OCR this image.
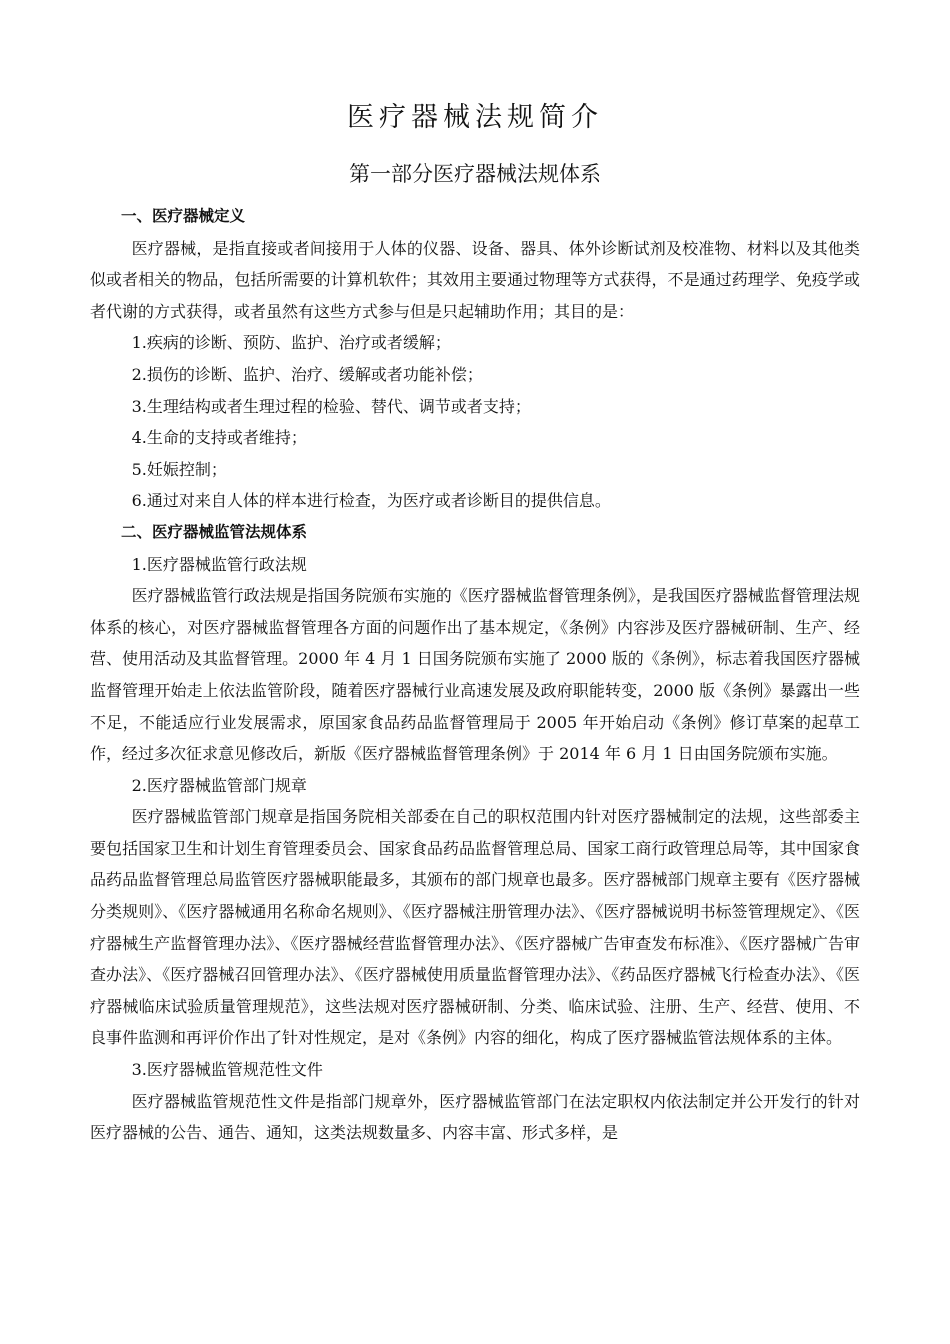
医疗器械法规简介
第一部分医疗器械法规体系

一、医疗器械定义

医疗器械，是指直接或者间接用于人体的仪器、设备、器具、体外诊断试剂及校准物、材料以及其他类似或者相关的物品，包括所需要的计算机软件；其效用主要通过物理等方式获得，不是通过药理学、免疫学或者代谢的方式获得，或者虽然有这些方式参与但是只起辅助作用；其目的是：

1.疾病的诊断、预防、监护、治疗或者缓解；

2.损伤的诊断、监护、治疗、缓解或者功能补偿；

3.生理结构或者生理过程的检验、替代、调节或者支持；

4.生命的支持或者维持；

5.妊娠控制；

6.通过对来自人体的样本进行检查，为医疗或者诊断目的提供信息。

二、医疗器械监管法规体系

1.医疗器械监管行政法规

医疗器械监管行政法规是指国务院颁布实施的《医疗器械监督管理条例》，是我国医疗器械监督管理法规体系的核心，对医疗器械监督管理各方面的问题作出了基本规定，《条例》内容涉及医疗器械研制、生产、经营、使用活动及其监督管理。2000 年 4 月 1 日国务院颁布实施了 2000 版的《条例》，标志着我国医疗器械监督管理开始走上依法监管阶段，随着医疗器械行业高速发展及政府职能转变，2000 版《条例》暴露出一些不足，不能适应行业发展需求，原国家食品药品监督管理局于 2005 年开始启动《条例》修订草案的起草工作，经过多次征求意见修改后，新版《医疗器械监督管理条例》于 2014 年 6 月 1 日由国务院颁布实施。

2.医疗器械监管部门规章

医疗器械监管部门规章是指国务院相关部委在自己的职权范围内针对医疗器械制定的法规，这些部委主要包括国家卫生和计划生育管理委员会、国家食品药品监督管理总局、国家工商行政管理总局等，其中国家食品药品监督管理总局监管医疗器械职能最多，其颁布的部门规章也最多。医疗器械部门规章主要有《医疗器械分类规则》、《医疗器械通用名称命名规则》、《医疗器械注册管理办法》、《医疗器械说明书标签管理规定》、《医疗器械生产监督管理办法》、《医疗器械经营监督管理办法》、《医疗器械广告审查发布标准》、《医疗器械广告审查办法》、《医疗器械召回管理办法》、《医疗器械使用质量监督管理办法》、《药品医疗器械飞行检查办法》、《医疗器械临床试验质量管理规范》，这些法规对医疗器械研制、分类、临床试验、注册、生产、经营、使用、不良事件监测和再评价作出了针对性规定，是对《条例》内容的细化，构成了医疗器械监管法规体系的主体。

3.医疗器械监管规范性文件

医疗器械监管规范性文件是指部门规章外，医疗器械监管部门在法定职权内依法制定并公开发行的针对医疗器械的公告、通告、通知，这类法规数量多、内容丰富、形式多样，是
